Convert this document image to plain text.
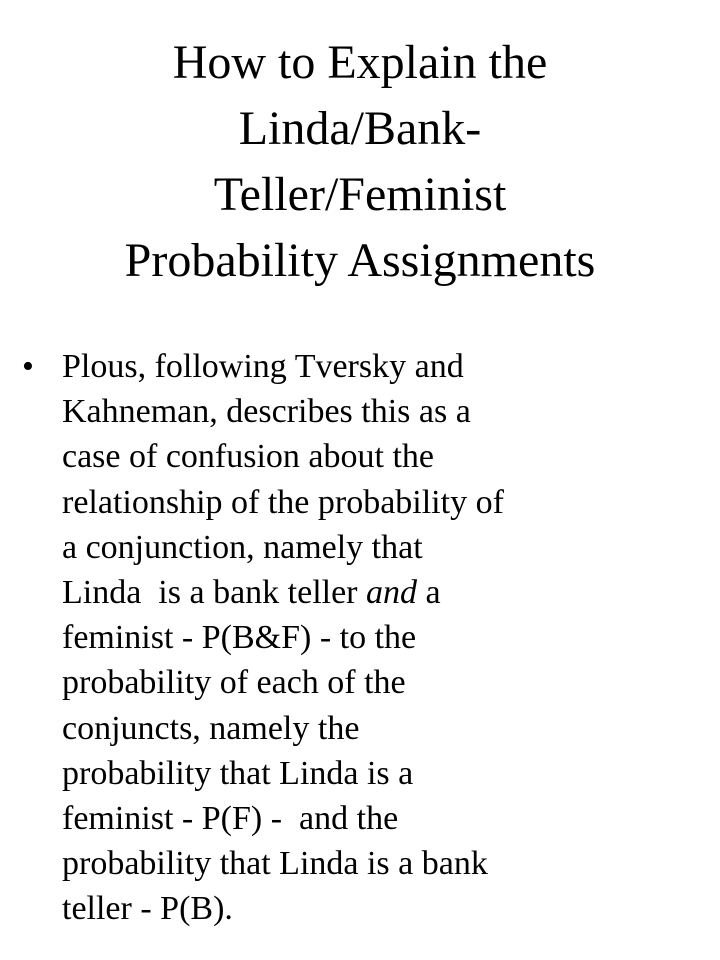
How to Explain the
Linda/Bank-
Teller/Feminist
Probability Assignments
• Plous, following Tversky and
Kahneman, describes this as a
case of confusion about the
relationship of the probability of
a conjunction, namely that
Linda  is a bank teller and a
feminist - P(B&F) - to the
probability of each of the
conjuncts, namely the
probability that Linda is a
feminist - P(F) -  and the
probability that Linda is a bank
teller - P(B).
